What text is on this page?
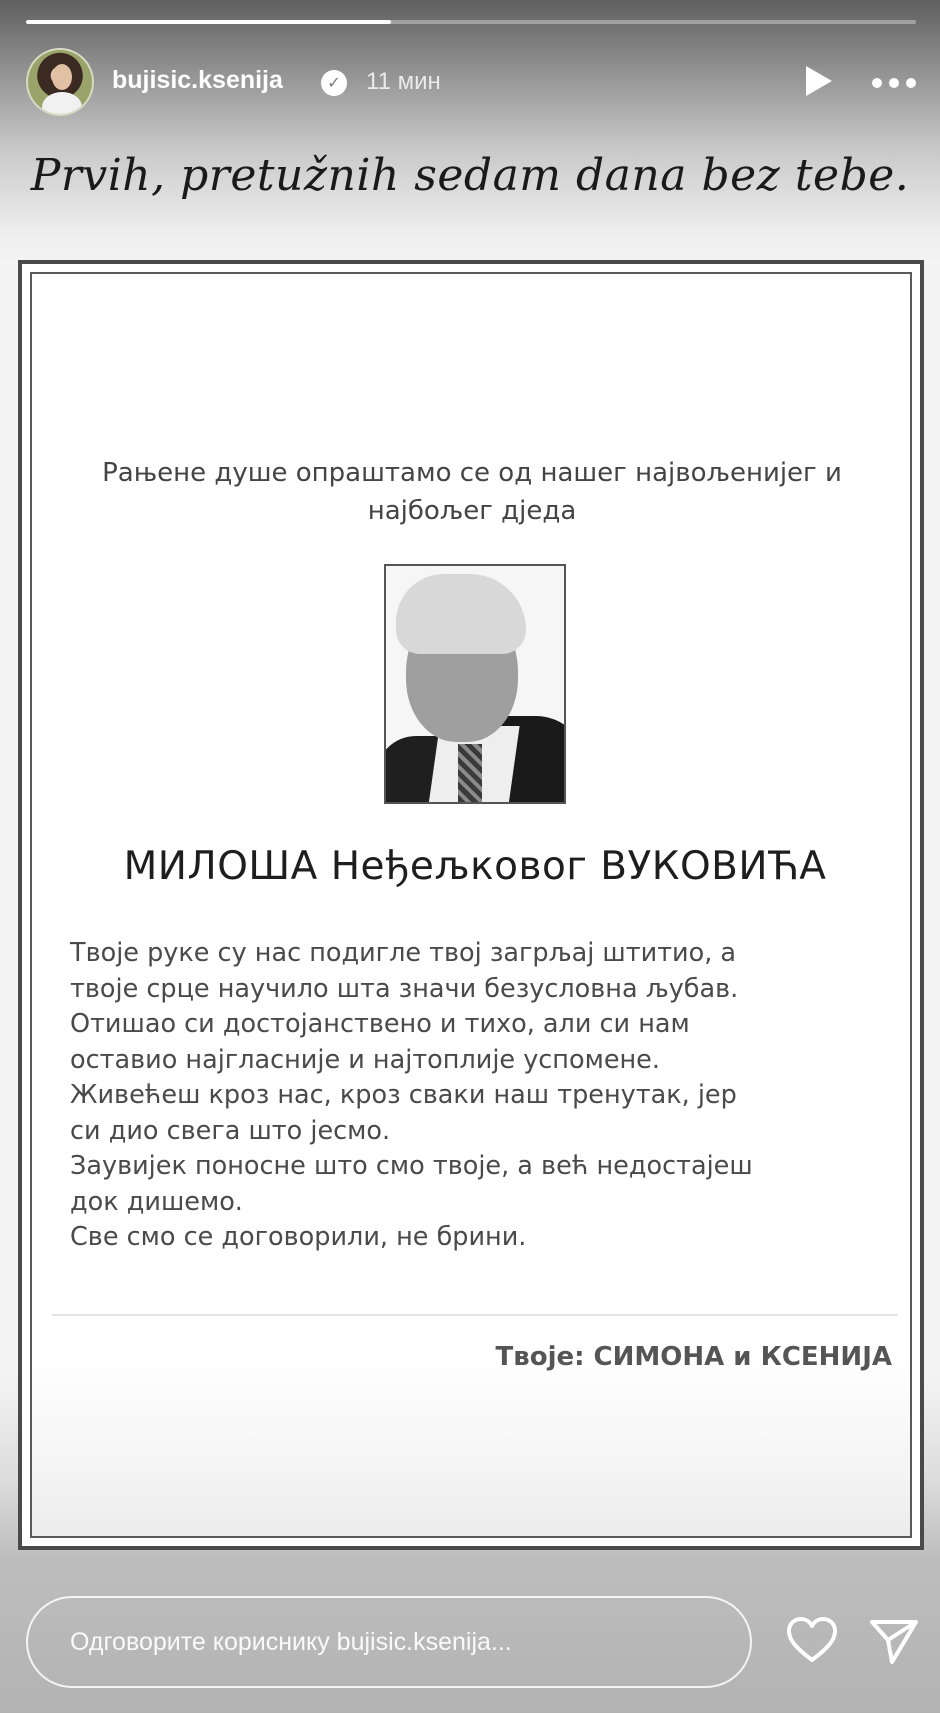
bujisic.ksenija	✓ 11 мин
Prvih, pretužnih sedam dana bez tebe.
Рањене душе опраштамо се од нашег највољенијег и
најбољег дједа
МИЛОША Неђељковог ВУКОВИЋА
Твоје руке су нас подигле твој загрљај штитио, а
твоје срце научило шта значи безусловна љубав.
Отишао си достојанствено и тихо, али си нам
оставио најгласније и најтоплије успомене.
Живећеш кроз нас, кроз сваки наш тренутак, јер
си дио свега што јесмо.
Заувијек поносне што смо твоје, а већ недостајеш
док дишемо.
Све смо се договорили, не брини.
Твоје: СИМОНА и КСЕНИЈА
Одговорите кориснику bujisic.ksenija...
